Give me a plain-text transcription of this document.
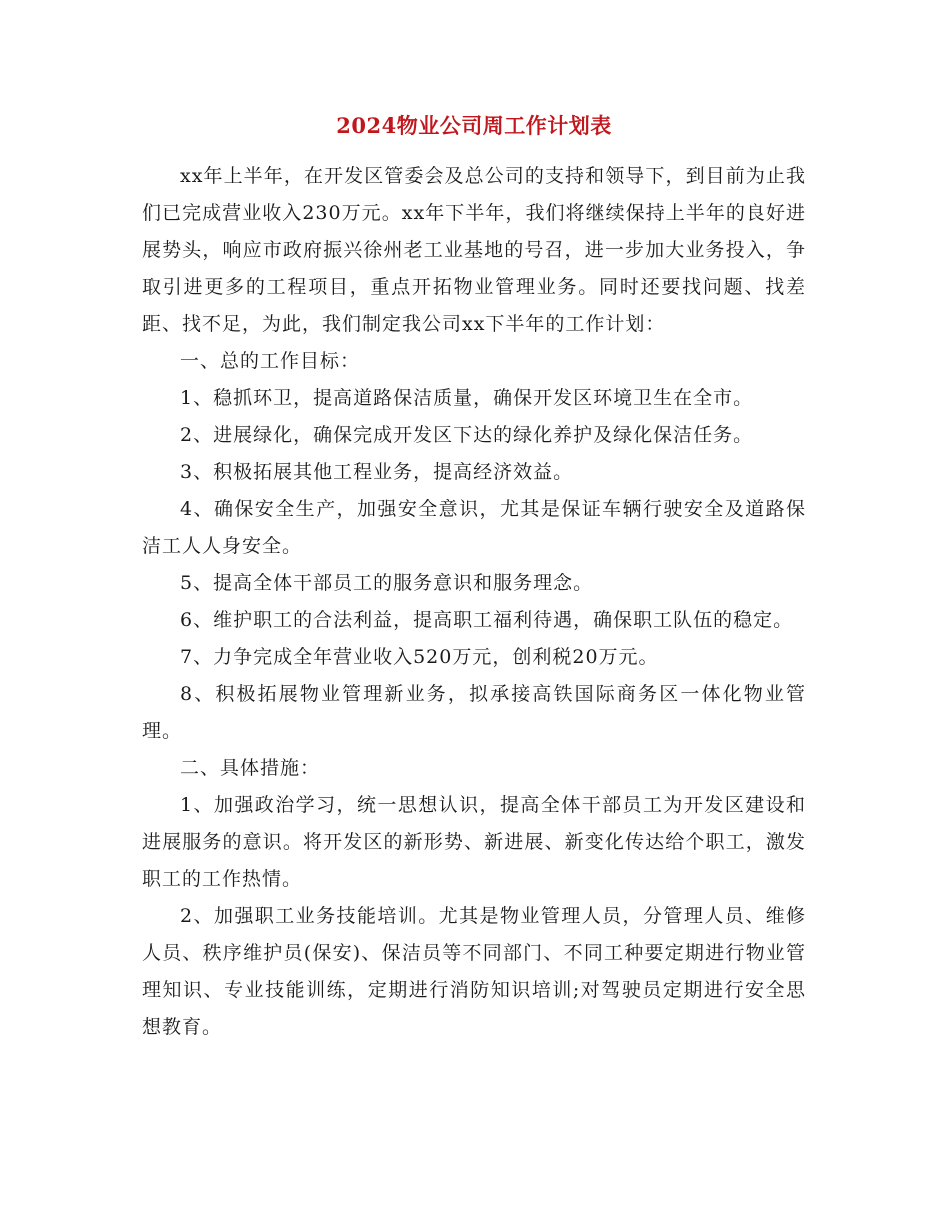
2024物业公司周工作计划表

xx年上半年，在开发区管委会及总公司的支持和领导下，到目前为止我们已完成营业收入230万元。xx年下半年，我们将继续保持上半年的良好进展势头，响应市政府振兴徐州老工业基地的号召，进一步加大业务投入，争取引进更多的工程项目，重点开拓物业管理业务。同时还要找问题、找差距、找不足，为此，我们制定我公司xx下半年的工作计划：

一、总的工作目标：

1、稳抓环卫，提高道路保洁质量，确保开发区环境卫生在全市。

2、进展绿化，确保完成开发区下达的绿化养护及绿化保洁任务。

3、积极拓展其他工程业务，提高经济效益。

4、确保安全生产，加强安全意识，尤其是保证车辆行驶安全及道路保洁工人人身安全。

5、提高全体干部员工的服务意识和服务理念。

6、维护职工的合法利益，提高职工福利待遇，确保职工队伍的稳定。

7、力争完成全年营业收入520万元，创利税20万元。

8、积极拓展物业管理新业务，拟承接高铁国际商务区一体化物业管理。

二、具体措施：

1、加强政治学习，统一思想认识，提高全体干部员工为开发区建设和进展服务的意识。将开发区的新形势、新进展、新变化传达给个职工，激发职工的工作热情。

2、加强职工业务技能培训。尤其是物业管理人员，分管理人员、维修人员、秩序维护员(保安)、保洁员等不同部门、不同工种要定期进行物业管理知识、专业技能训练，定期进行消防知识培训;对驾驶员定期进行安全思想教育。
